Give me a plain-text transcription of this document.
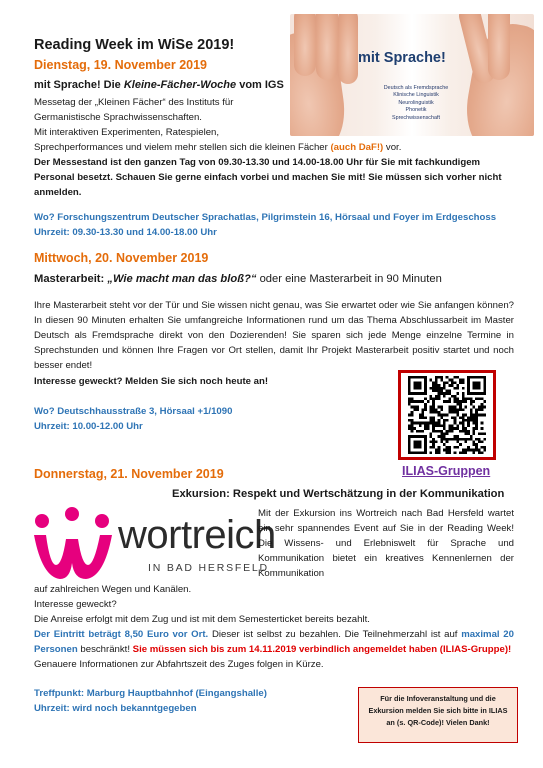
Reading Week im WiSe 2019!
mit Sprache!
Deutsch als Fremdsprache
Klinische Linguistik
Neurolinguistik
Phonetik
Sprechwissenschaft
Dienstag, 19. November 2019
mit Sprache! Die Kleine-Fächer-Woche vom IGS
Messetag der „Kleinen Fächer“ des Instituts für
Germanistische Sprachwissenschaften.
Mit interaktiven Experimenten, Ratespielen,
Sprechperformances und vielem mehr stellen sich die kleinen Fächer (auch DaF!) vor.
Der Messestand ist den ganzen Tag von 09.30-13.30 und 14.00-18.00 Uhr für Sie mit fachkundigem Personal besetzt. Schauen Sie gerne einfach vorbei und machen Sie mit! Sie müssen sich vorher nicht anmelden.
Wo? Forschungszentrum Deutscher Sprachatlas, Pilgrimstein 16, Hörsaal und Foyer im Erdgeschoss
Uhrzeit: 09.30-13.30 und 14.00-18.00 Uhr
Mittwoch, 20. November 2019
Masterarbeit: „Wie macht man das bloß?“ oder eine Masterarbeit in 90 Minuten
Ihre Masterarbeit steht vor der Tür und Sie wissen nicht genau, was Sie erwartet oder wie Sie anfangen können? In diesen 90 Minuten erhalten Sie umfangreiche Informationen rund um das Thema Abschlussarbeit im Master Deutsch als Fremdsprache direkt von den Dozierenden! Sie sparen sich jede Menge einzelne Termine in Sprechstunden und können Ihre Fragen vor Ort stellen, damit Ihr Projekt Masterarbeit positiv startet und noch besser endet!
Interesse geweckt? Melden Sie sich noch heute an!
Wo? Deutschhausstraße 3, Hörsaal +1/1090
Uhrzeit: 10.00-12.00 Uhr
ILIAS-Gruppen
Donnerstag, 21. November 2019
Exkursion: Respekt und Wertschätzung in der Kommunikation
wortreich
IN BAD HERSFELD
Mit der Exkursion ins Wortreich nach Bad Hersfeld wartet ein sehr spannendes Event auf Sie in der Reading Week! Die Wissens- und Erlebniswelt für Sprache und Kommunikation bietet ein kreatives Kennenlernen der Kommunikation
auf zahlreichen Wegen und Kanälen.
Interesse geweckt?
Die Anreise erfolgt mit dem Zug und ist mit dem Semesterticket bereits bezahlt.
Der Eintritt beträgt 8,50 Euro vor Ort. Dieser ist selbst zu bezahlen. Die Teilnehmerzahl ist auf maximal 20 Personen beschränkt! Sie müssen sich bis zum 14.11.2019 verbindlich angemeldet haben (ILIAS-Gruppe)!
Genauere Informationen zur Abfahrtszeit des Zuges folgen in Kürze.
Treffpunkt: Marburg Hauptbahnhof (Eingangshalle)
Uhrzeit: wird noch bekanntgegeben
Für die Infoveranstaltung und die Exkursion melden Sie sich bitte in ILIAS an (s. QR-Code)! Vielen Dank!
